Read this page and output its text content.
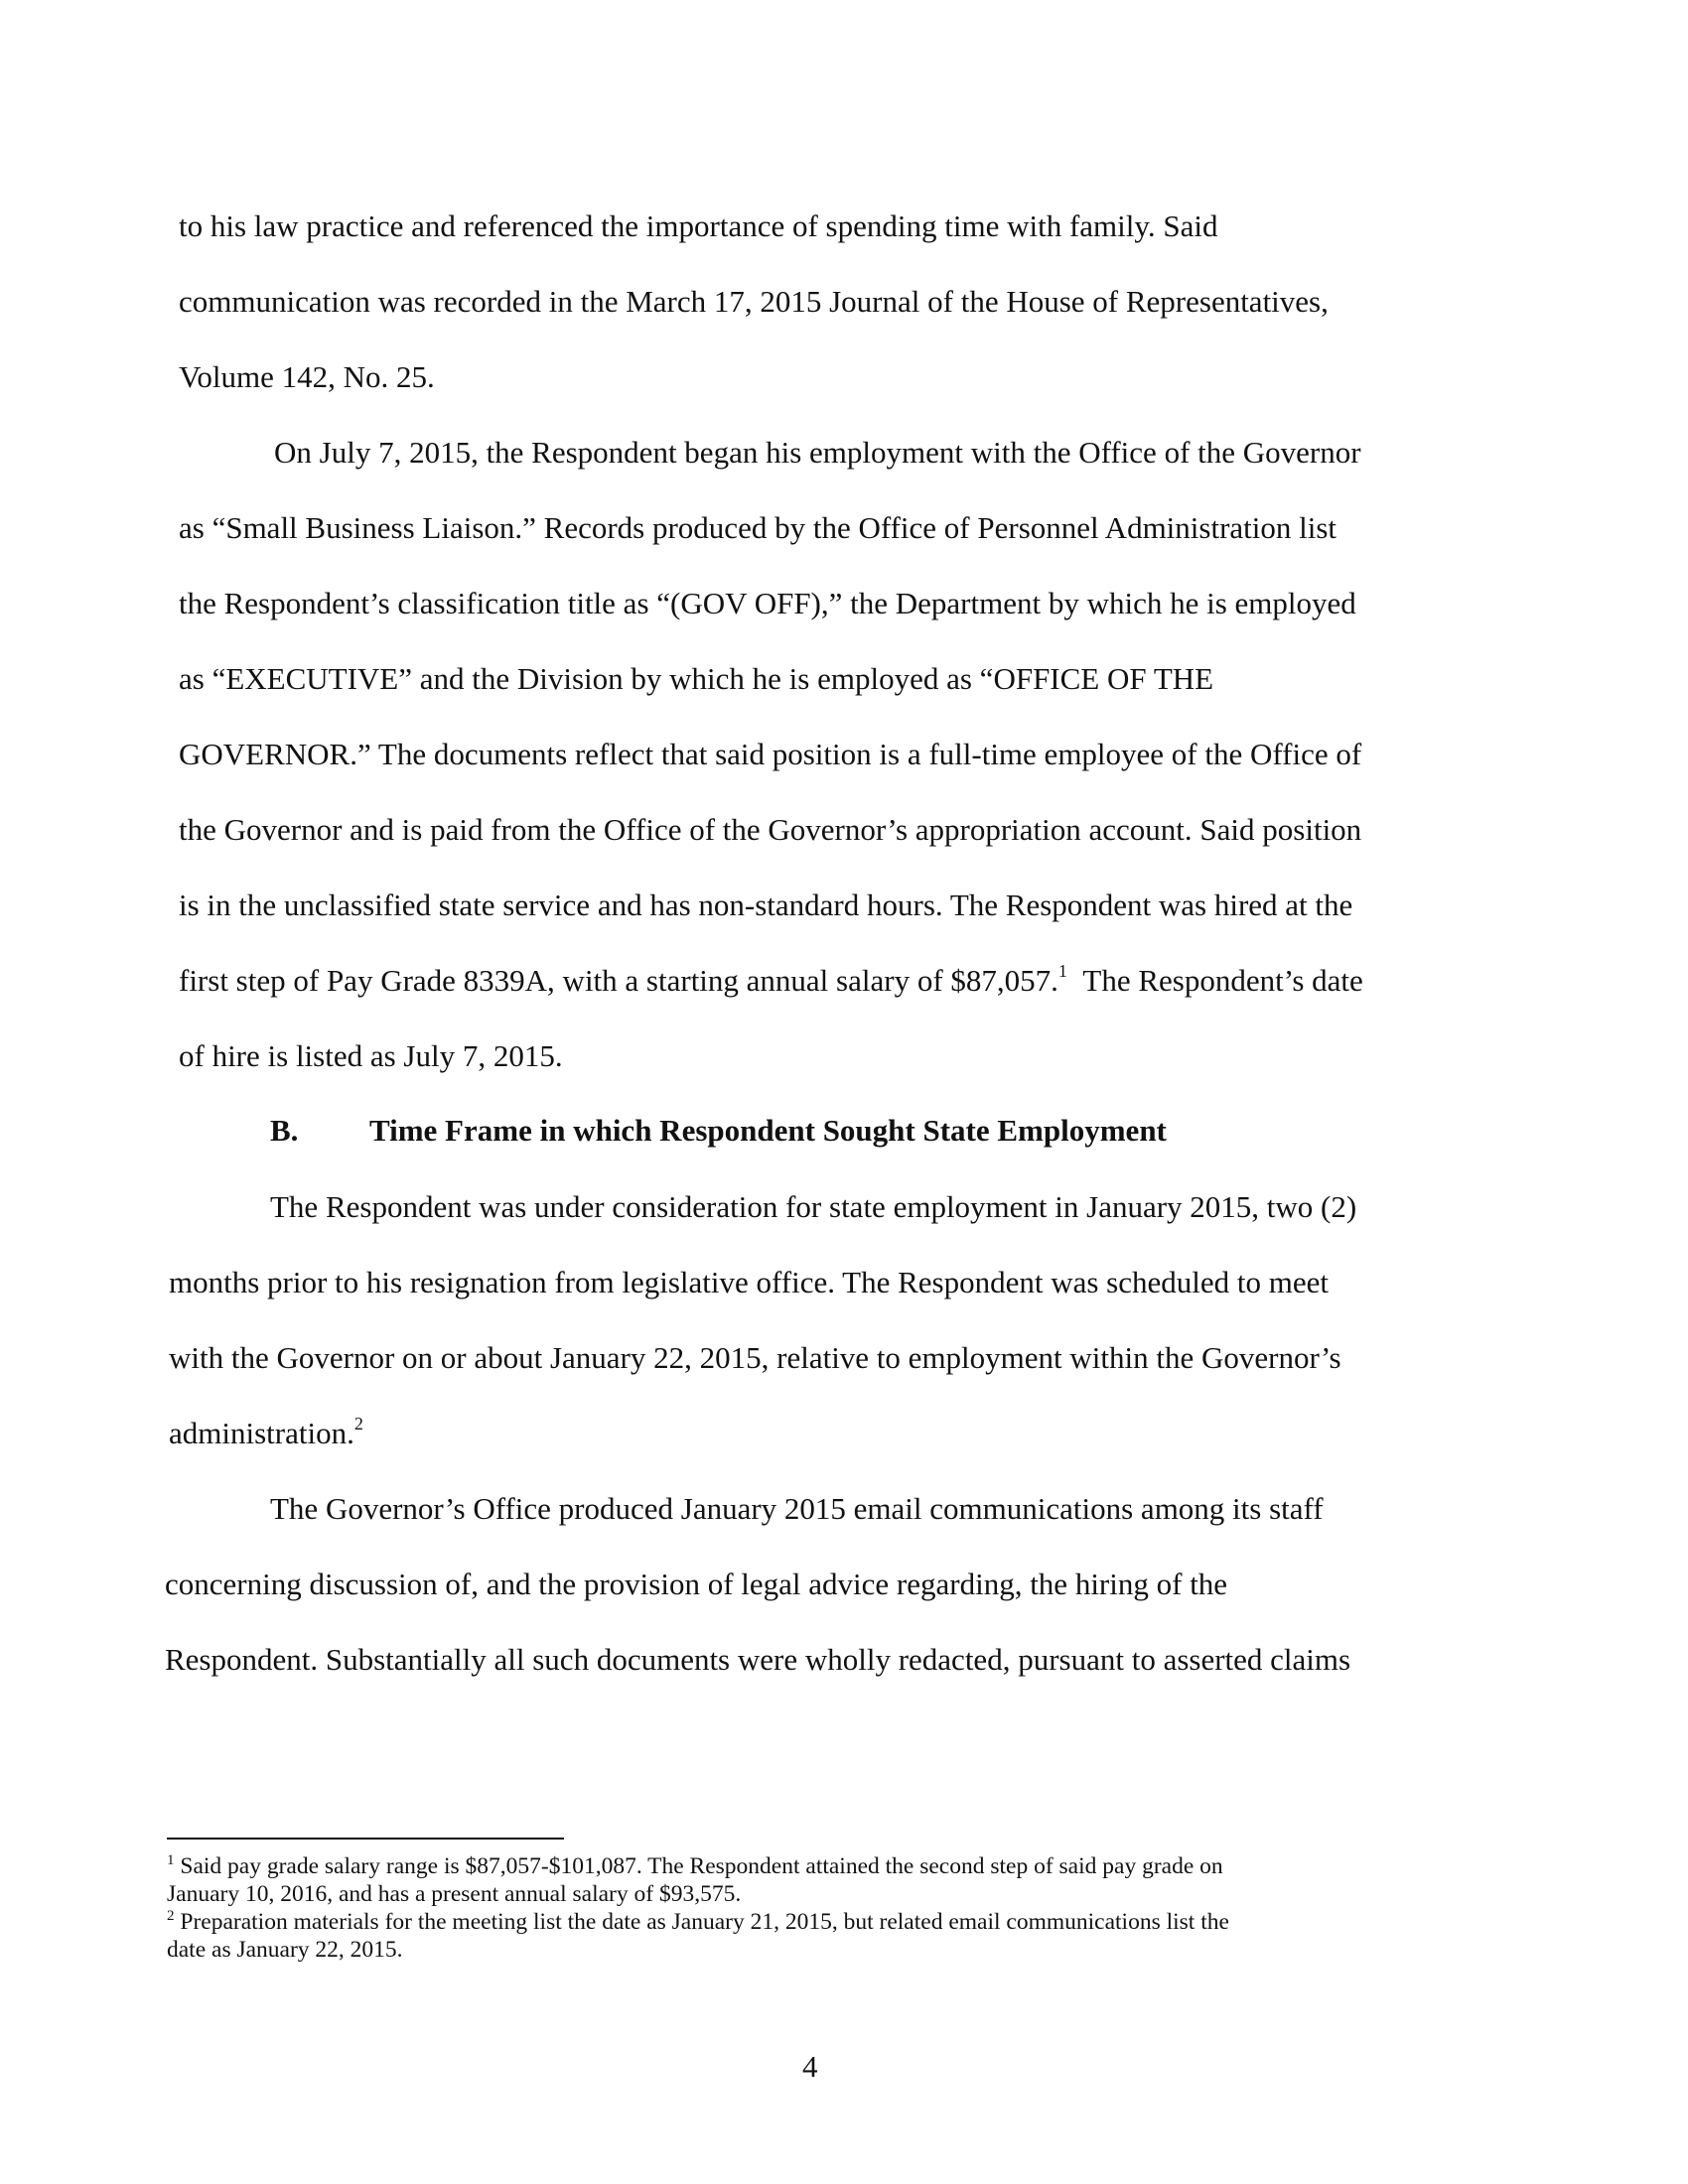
to his law practice and referenced the importance of spending time with family. Said
communication was recorded in the March 17, 2015 Journal of the House of Representatives,
Volume 142, No. 25.
On July 7, 2015, the Respondent began his employment with the Office of the Governor
as “Small Business Liaison.” Records produced by the Office of Personnel Administration list
the Respondent’s classification title as “(GOV OFF),” the Department by which he is employed
as “EXECUTIVE” and the Division by which he is employed as “OFFICE OF THE
GOVERNOR.” The documents reflect that said position is a full-time employee of the Office of
the Governor and is paid from the Office of the Governor’s appropriation account. Said position
is in the unclassified state service and has non-standard hours. The Respondent was hired at the
first step of Pay Grade 8339A, with a starting annual salary of $87,057.$^1$ The Respondent’s date
of hire is listed as July 7, 2015.
B. Time Frame in which Respondent Sought State Employment
The Respondent was under consideration for state employment in January 2015, two (2)
months prior to his resignation from legislative office. The Respondent was scheduled to meet
with the Governor on or about January 22, 2015, relative to employment within the Governor’s
administration.$^2$
The Governor’s Office produced January 2015 email communications among its staff
concerning discussion of, and the provision of legal advice regarding, the hiring of the
Respondent. Substantially all such documents were wholly redacted, pursuant to asserted claims
$^1$ Said pay grade salary range is $87,057-$101,087. The Respondent attained the second step of said pay grade on
January 10, 2016, and has a present annual salary of $93,575.
$^2$ Preparation materials for the meeting list the date as January 21, 2015, but related email communications list the
date as January 22, 2015.
4
